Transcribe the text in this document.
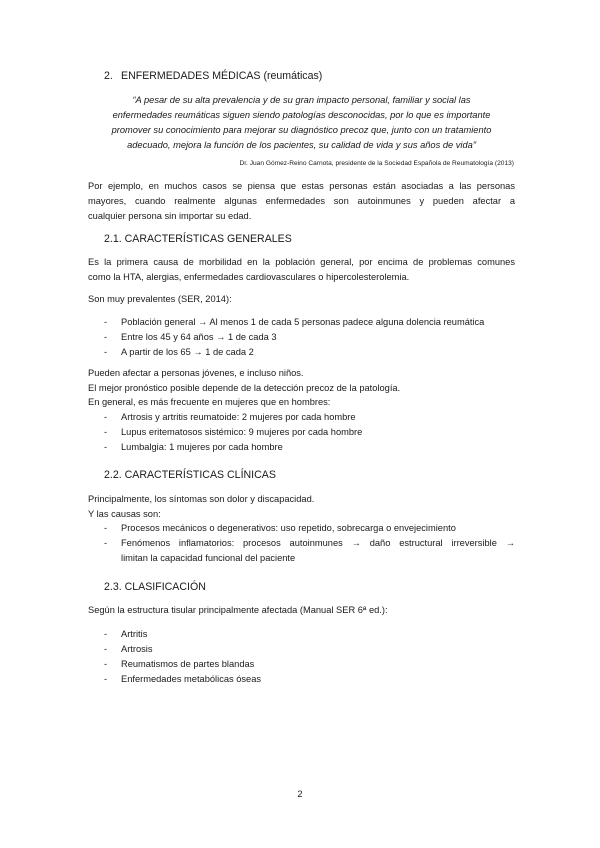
2. ENFERMEDADES MÉDICAS (reumáticas)
“A pesar de su alta prevalencia y de su gran impacto personal, familiar y social las
enfermedades reumáticas siguen siendo patologías desconocidas, por lo que es importante
promover su conocimiento para mejorar su diagnóstico precoz que, junto con un tratamiento
adecuado, mejora la función de los pacientes, su calidad de vida y sus años de vida”
Dr. Juan Gómez-Reino Carnota, presidente de la Sociedad Española de Reumatología (2013)
Por ejemplo, en muchos casos se piensa que estas personas están asociadas a las personas
mayores, cuando realmente algunas enfermedades son autoinmunes y pueden afectar a
cualquier persona sin importar su edad.
2.1. CARACTERÍSTICAS GENERALES
Es la primera causa de morbilidad en la población general, por encima de problemas comunes
como la HTA, alergias, enfermedades cardiovasculares o hipercolesterolemia.
Son muy prevalentes (SER, 2014):
- Población general → Al menos 1 de cada 5 personas padece alguna dolencia reumática
- Entre los 45 y 64 años → 1 de cada 3
- A partir de los 65 → 1 de cada 2
Pueden afectar a personas jóvenes, e incluso niños.
El mejor pronóstico posible depende de la detección precoz de la patología.
En general, es más frecuente en mujeres que en hombres:
- Artrosis y artritis reumatoide: 2 mujeres por cada hombre
- Lupus eritematosos sistémico: 9 mujeres por cada hombre
- Lumbalgia: 1 mujeres por cada hombre
2.2. CARACTERÍSTICAS CLÍNICAS
Principalmente, los síntomas son dolor y discapacidad.
Y las causas son:
- Procesos mecánicos o degenerativos: uso repetido, sobrecarga o envejecimiento
- Fenómenos inflamatorios: procesos autoinmunes → daño estructural irreversible →
limitan la capacidad funcional del paciente
2.3. CLASIFICACIÓN
Según la estructura tisular principalmente afectada (Manual SER 6ª ed.):
- Artritis
- Artrosis
- Reumatismos de partes blandas
- Enfermedades metabólicas óseas
2
